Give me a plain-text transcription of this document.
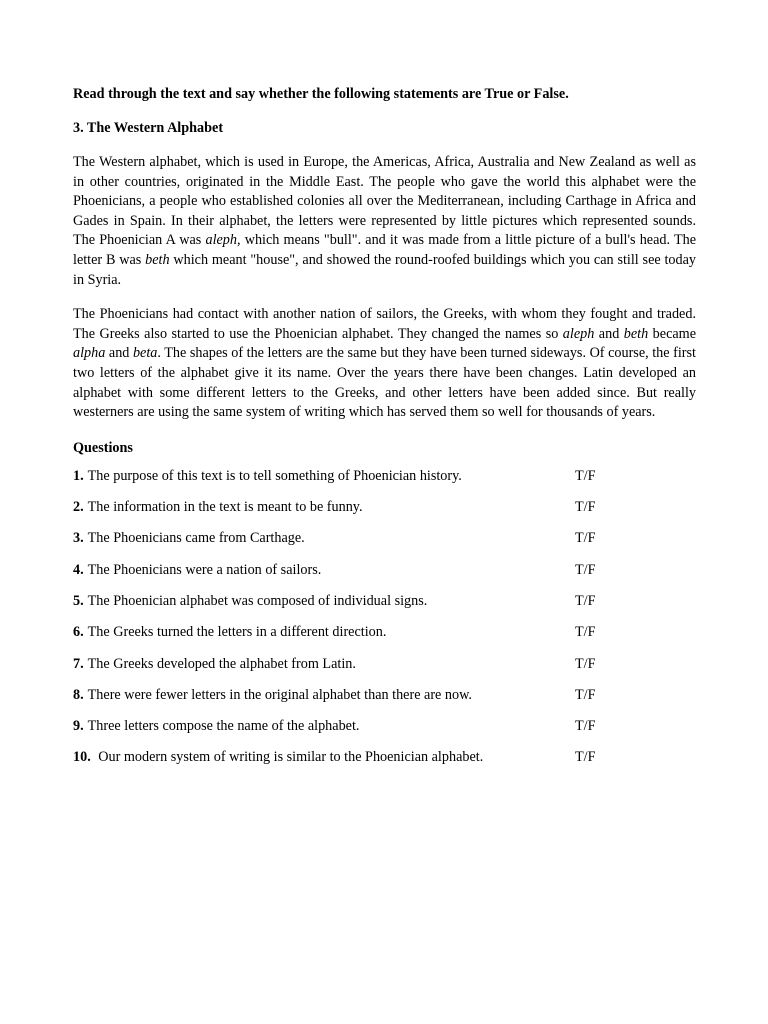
Read through the text and say whether the following statements are True or False.

3. The Western Alphabet

The Western alphabet, which is used in Europe, the Americas, Africa, Australia and New Zealand as well as in other countries, originated in the Middle East. The people who gave the world this alphabet were the Phoenicians, a people who established colonies all over the Mediterranean, including Carthage in Africa and Gades in Spain. In their alphabet, the letters were represented by little pictures which represented sounds. The Phoenician A was aleph, which means "bull". and it was made from a little picture of a bull's head. The letter B was beth which meant "house", and showed the round-roofed buildings which you can still see today in Syria.

The Phoenicians had contact with another nation of sailors, the Greeks, with whom they fought and traded. The Greeks also started to use the Phoenician alphabet. They changed the names so aleph and beth became alpha and beta. The shapes of the letters are the same but they have been turned sideways. Of course, the first two letters of the alphabet give it its name. Over the years there have been changes. Latin developed an alphabet with some different letters to the Greeks, and other letters have been added since. But really westerners are using the same system of writing which has served them so well for thousands of years.

Questions

1. The purpose of this text is to tell something of Phoenician history.	T/F
2. The information in the text is meant to be funny.	T/F
3. The Phoenicians came from Carthage.	T/F
4. The Phoenicians were a nation of sailors.	T/F
5. The Phoenician alphabet was composed of individual signs.	T/F
6. The Greeks turned the letters in a different direction.	T/F
7. The Greeks developed the alphabet from Latin.	T/F
8. There were fewer letters in the original alphabet than there are now.	T/F
9. Three letters compose the name of the alphabet.	T/F
10. Our modern system of writing is similar to the Phoenician alphabet.	T/F
